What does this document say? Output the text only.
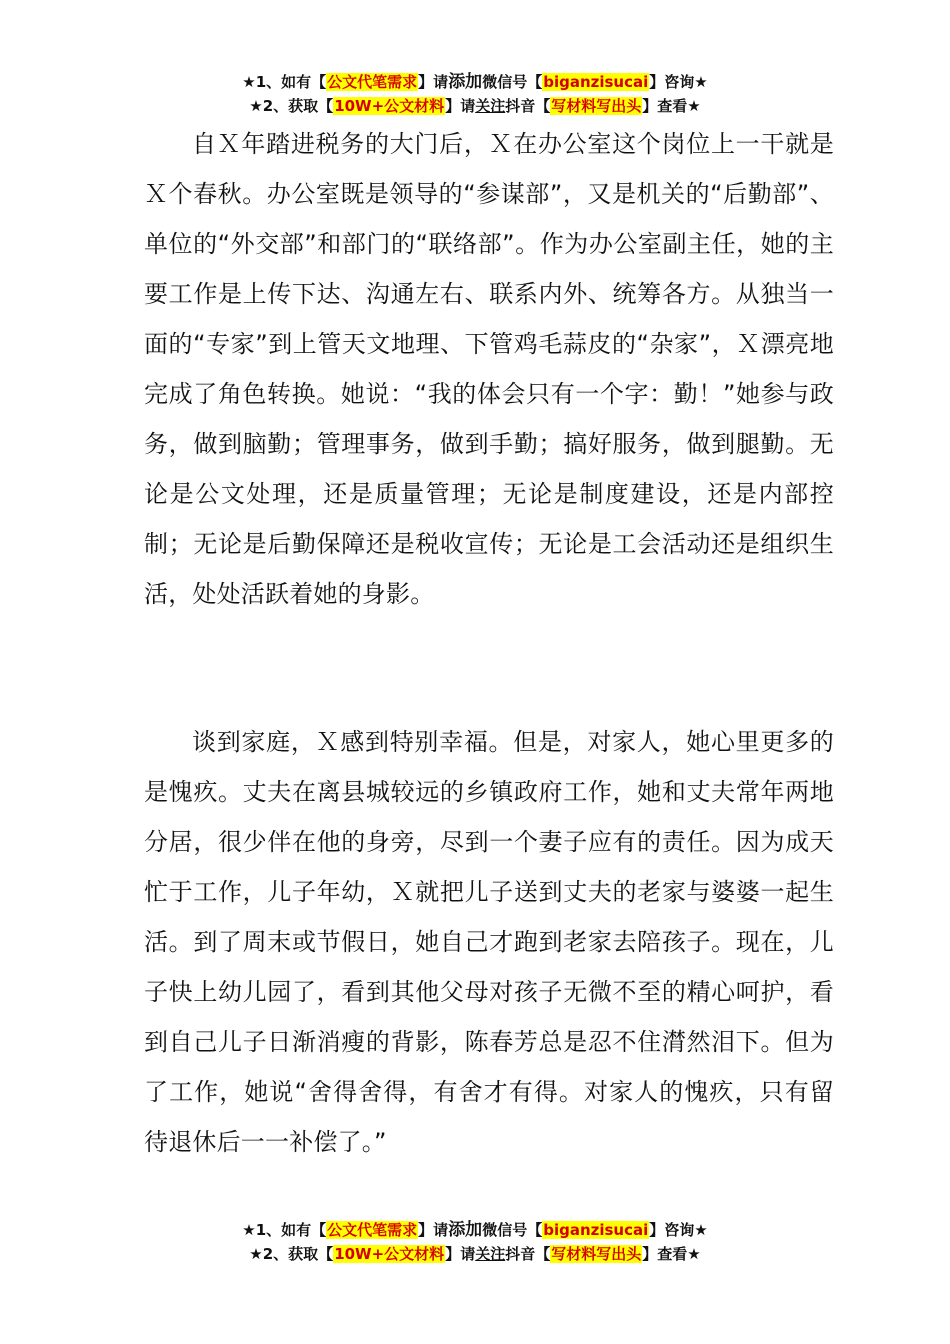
★1、如有【公文代笔需求】请添加微信号【biganzisucai】咨询★
★2、获取【10W+公文材料】请关注抖音【写材料写出头】查看★

自Ｘ年踏进税务的大门后，Ｘ在办公室这个岗位上一干就是Ｘ个春秋。办公室既是领导的“参谋部”，又是机关的“后勤部”、单位的“外交部”和部门的“联络部”。作为办公室副主任，她的主要工作是上传下达、沟通左右、联系内外、统筹各方。从独当一面的“专家”到上管天文地理、下管鸡毛蒜皮的“杂家”，Ｘ漂亮地完成了角色转换。她说：“我的体会只有一个字：勤！”她参与政务，做到脑勤；管理事务，做到手勤；搞好服务，做到腿勤。无论是公文处理，还是质量管理；无论是制度建设，还是内部控制；无论是后勤保障还是税收宣传；无论是工会活动还是组织生活，处处活跃着她的身影。

谈到家庭，Ｘ感到特别幸福。但是，对家人，她心里更多的是愧疚。丈夫在离县城较远的乡镇政府工作，她和丈夫常年两地分居，很少伴在他的身旁，尽到一个妻子应有的责任。因为成天忙于工作，儿子年幼，Ｘ就把儿子送到丈夫的老家与婆婆一起生活。到了周末或节假日，她自己才跑到老家去陪孩子。现在，儿子快上幼儿园了，看到其他父母对孩子无微不至的精心呵护，看到自己儿子日渐消瘦的背影，陈春芳总是忍不住潸然泪下。但为了工作，她说“舍得舍得，有舍才有得。对家人的愧疚，只有留待退休后一一补偿了。”

★1、如有【公文代笔需求】请添加微信号【biganzisucai】咨询★
★2、获取【10W+公文材料】请关注抖音【写材料写出头】查看★
